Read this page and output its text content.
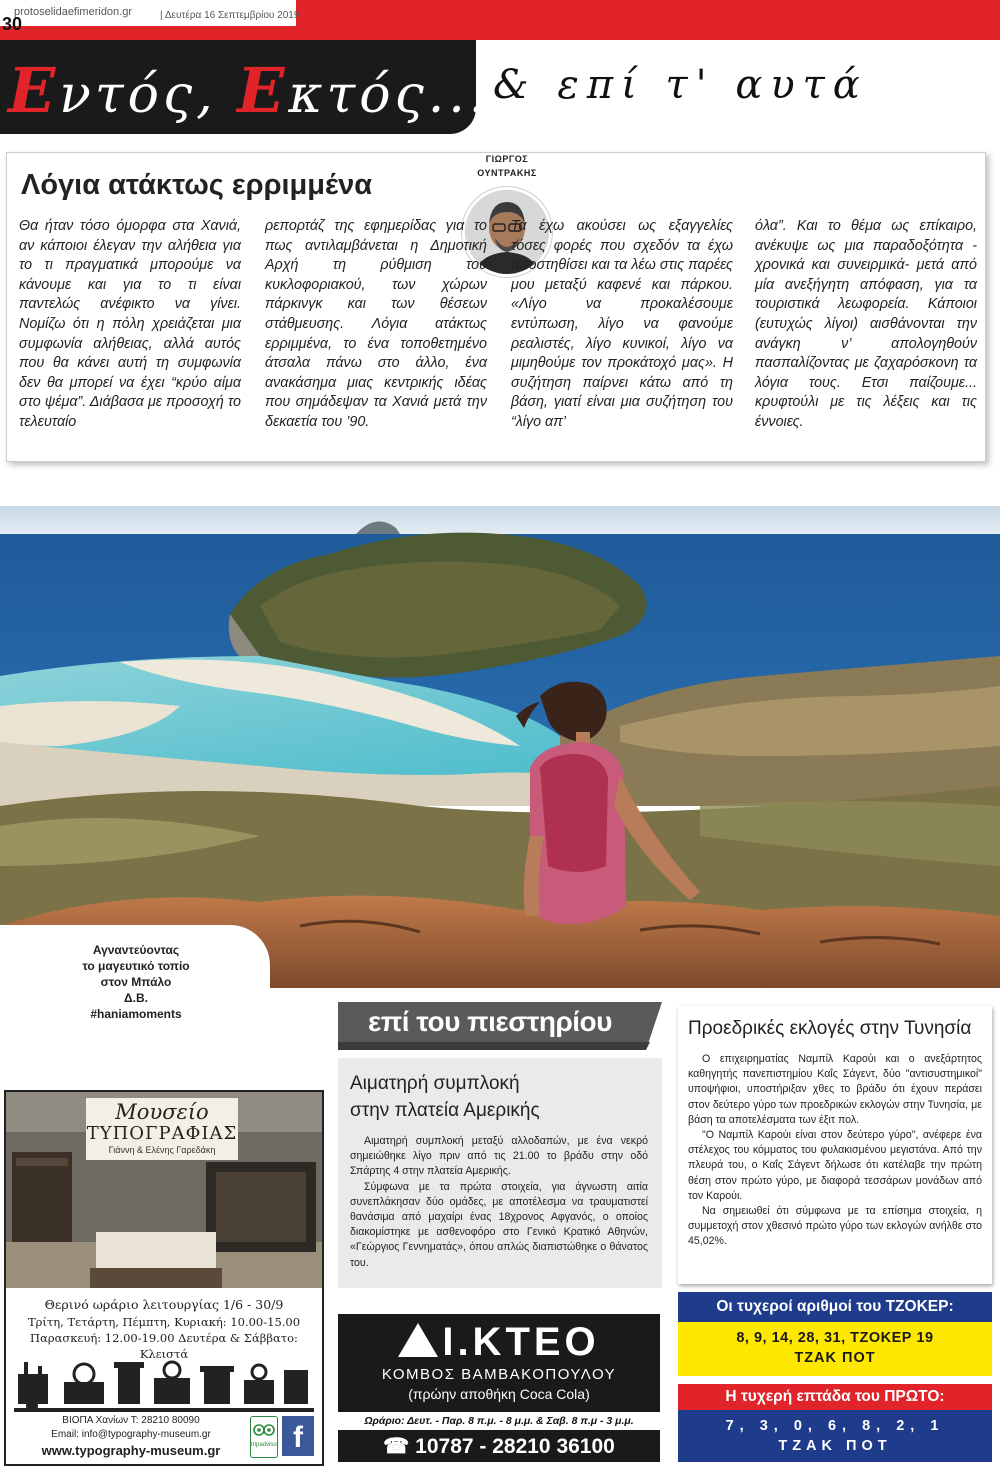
30
protoselidaefimeridon.gr	| Δευτέρα 16 Σεπτεμβρίου 2019
Εντός, Εκτός... & επί τ' αυτά
Λόγια ατάκτως ερριμμένα
ΓΙΩΡΓΟΣ
ΟΥΝΤΡΑΚΗΣ
Θα ήταν τόσο όμορφα στα Χανιά, αν κάποιοι έλεγαν την αλήθεια για το τι πραγματικά μπορούμε να κάνουμε και για το τι είναι παντελώς ανέφικτο να γίνει. Νομίζω ότι η πόλη χρειάζεται μια συμφωνία αλήθειας, αλλά αυτός που θα κάνει αυτή τη συμφωνία δεν θα μπορεί να έχει “κρύο αίμα στο ψέμα”. Διάβασα με προσοχή το τελευταίο
ρεπορτάζ της εφημερίδας για το πως αντιλαμβάνεται η Δημοτική Αρχή τη ρύθμιση του κυκλοφοριακού, των χώρων πάρκινγκ και των θέσεων στάθμευσης. Λόγια ατάκτως ερριμμένα, το ένα τοποθετημένο άτσαλα πάνω στο άλλο, ένα ανακάσημα μιας κεντρικής ιδέας που σημάδεψαν τα Χανιά μετά την δεκαετία του ’90.
Τα έχω ακούσει ως εξαγγελίες τόσες φορές που σχεδόν τα έχω αποστηθίσει και τα λέω στις παρέες μου μεταξύ καφενέ και πάρκου. «Λίγο να προκαλέσουμε εντύπωση, λίγο να φανούμε ρεαλιστές, λίγο κυνικοί, λίγο να μιμηθούμε τον προκάτοχό μας». Η συζήτηση παίρνει κάτω από τη βάση, γιατί είναι μια συζήτηση του “λίγο απ’
όλα”. Και το θέμα ως επίκαιρο, ανέκυψε ως μια παραδοξότητα - χρονικά και συνειρμικά- μετά από μία ανεξήγητη απόφαση, για τα τουριστικά λεωφορεία. Κάποιοι (ευτυχώς λίγοι) αισθάνονται την ανάγκη ν’ απολογηθούν πασπαλίζοντας με ζαχαρόσκονη τα λόγια τους. Ετσι παίζουμε... κρυφτούλι με τις λέξεις και τις έννοιες.
Αγναντεύοντας
το μαγευτικό τοπίο
στον Μπάλο
Δ.Β.
#haniamoments
Μουσείο
ΤΥΠΟΓΡΑΦΙΑΣ
Γιάννη & Ελένης Γαρεδάκη
Θερινό ωράριο λειτουργίας 1/6 - 30/9
Τρίτη, Τετάρτη, Πέμπτη, Κυριακή: 10.00-15.00
Παρασκευή: 12.00-19.00 Δευτέρα & Σάββατο: Κλειστά
ΒΙΟΠΑ Χανίων Τ: 28210 80090
Email: info@typography-museum.gr
www.typography-museum.gr	tripadvisor f
επί του πιεστηρίου
Αιματηρή συμπλοκή
στην πλατεία Αμερικής

Αιματηρή συμπλοκή μεταξύ αλλοδαπών, με ένα νεκρό σημειώθηκε λίγο πριν από τις 21.00 το βράδυ στην οδό Σπάρτης 4 στην πλατεία Αμερικής.

Σύμφωνα με τα πρώτα στοιχεία, για άγνωστη αιτία συνεπλάκησαν δύο ομάδες, με αποτέλεσμα να τραυματιστεί θανάσιμα από μαχαίρι ένας 18χρονος Αφγανός, ο οποίος διακομίστηκε με ασθενοφόρο στο Γενικό Κρατικό Αθηνών, «Γεώργιος Γεννηματάς», όπου απλώς διαπιστώθηκε ο θάνατος του.

Ι.ΚΤΕΟ
ΚΟΜΒΟΣ ΒΑΜΒΑΚΟΠΟΥΛΟΥ
(πρώην αποθήκη Coca Cola)
Ωράριο: Δευτ. - Παρ. 8 π.μ. - 8 μ.μ. & Σαβ. 8 π.μ - 3 μ.μ.
☎ 10787 - 28210 36100
Προεδρικές εκλογές στην Τυνησία

Ο επιχειρηματίας Ναμπίλ Καρούι και ο ανεξάρτητος καθηγητής πανεπιστημίου Καΐς Σάγεντ, δύο "αντισυστημικοί" υποψήφιοι, υποστήριξαν χθες το βράδυ ότι έχουν περάσει στον δεύτερο γύρο των προεδρικών εκλογών στην Τυνησία, με βάση τα αποτελέσματα των έξιτ πολ.

"Ο Ναμπίλ Καρούι είναι στον δεύτερο γύρο", ανέφερε ένα στέλεχος του κόμματος του φυλακισμένου μεγιστάνα. Από την πλευρά του, ο Καΐς Σάγεντ δήλωσε ότι κατέλαβε την πρώτη θέση στον πρώτο γύρο, με διαφορά τεσσάρων μονάδων από τον Καρούι.

Να σημειωθεί ότι σύμφωνα με τα επίσημα στοιχεία, η συμμετοχή στον χθεσινό πρώτο γύρο των εκλογών ανήλθε στο 45,02%.

Οι τυχεροί αριθμοί του ΤΖΟΚΕΡ:
8, 9, 14, 28, 31, ΤΖΟΚΕΡ 19
ΤΖΑΚ ΠΟΤ
Η τυχερή επτάδα του ΠΡΩΤΟ:
7, 3, 0, 6, 8, 2, 1
ΤΖΑΚ ΠΟΤ
